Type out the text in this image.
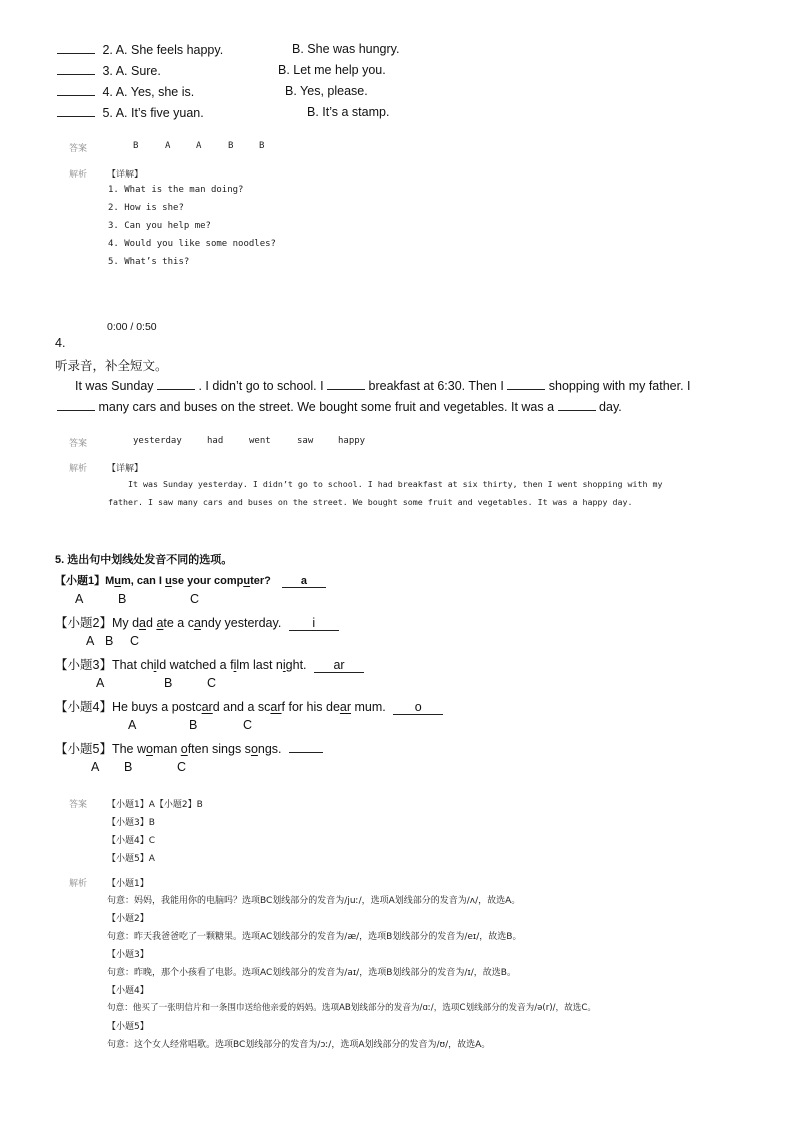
2. A. She feels happy.	B. She was hungry.
3. A. Sure.	B. Let me help you.
4. A. Yes, she is.	B. Yes, please.
5. A. It’s five yuan.	B. It’s a stamp.
答案	B	A	A	B	B
解析 【详解】
1. What is the man doing?
2. How is she?
3. Can you help me?
4. Would you like some noodles?
5. What’s this?
0:00 / 0:50
4.
听录音，补全短文。
It was Sunday	. I didn’t go to school. I	breakfast at 6:30. Then I	shopping with my father. I
many cars and buses on the street. We bought some fruit and vegetables. It was a	day.
答案	yesterday	had	went	saw	happy
解析 【详解】
It was Sunday yesterday. I didn’t go to school. I had breakfast at six thirty, then I went shopping with my
father. I saw many cars and buses on the street. We bought some fruit and vegetables. It was a happy day.
5. 选出句中划线处发音不同的选项。
【小题1】Mum, can I use your computer?	a
A	B	C
【小题2】My dad ate a candy yesterday. i
A B C
【小题3】That child watched a film last night. ar
A	B	C
【小题4】He buys a postcard and a scarf for his dear mum. o
A	B	C
【小题5】The woman often sings songs.
A B	C
答案 【小题1】A【小题2】B
【小题3】B
【小题4】C
【小题5】A
解析 【小题1】
句意：妈妈，我能用你的电脑吗？选项BC划线部分的发音为/juː/，选项A划线部分的发音为/ʌ/，故选A。
【小题2】
句意：昨天我爸爸吃了一颗糖果。选项AC划线部分的发音为/æ/，选项B划线部分的发音为/eɪ/，故选B。
【小题3】
句意：昨晚，那个小孩看了电影。选项AC划线部分的发音为/aɪ/，选项B划线部分的发音为/ɪ/，故选B。
【小题4】
句意：他买了一张明信片和一条围巾送给他亲爱的妈妈。选项AB划线部分的发音为/ɑː/，选项C划线部分的发音为/ə(r)/，故选C。
【小题5】
句意：这个女人经常唱歌。选项BC划线部分的发音为/ɔː/，选项A划线部分的发音为/ʊ/，故选A。
